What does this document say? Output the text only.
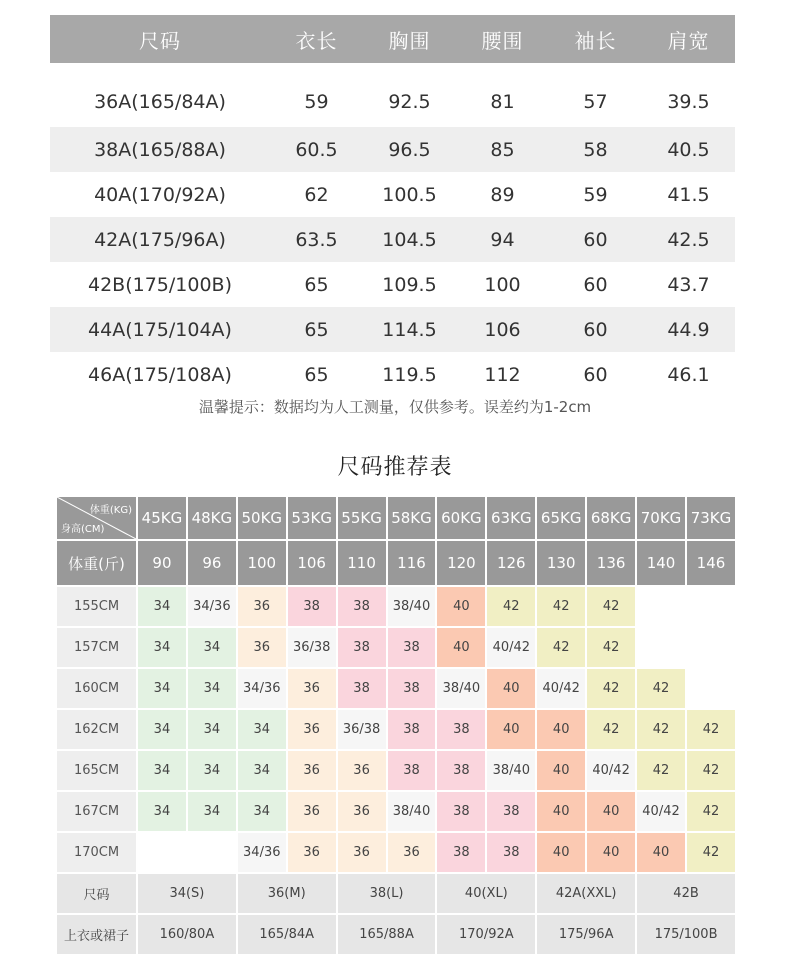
尺码	衣长	胸围	腰围	袖长	肩宽
36A(165/84A)	59	92.5	81	57	39.5
38A(165/88A)	60.5	96.5	85	58	40.5
40A(170/92A)	62	100.5	89	59	41.5
42A(175/96A)	63.5	104.5	94	60	42.5
42B(175/100B)	65	109.5	100	60	43.7
44A(175/104A)	65	114.5	106	60	44.9
46A(175/108A)	65	119.5	112	60	46.1
温馨提示：数据均为人工测量，仅供参考。误差约为1-2cm
尺码推荐表
体重(KG)
身高(CM)	45KG	48KG	50KG	53KG	55KG	58KG	60KG	63KG	65KG	68KG	70KG	73KG
体重(斤)	90	96	100	106	110	116	120	126	130	136	140	146
155CM	34	34/36	36	38	38	38/40	40	42	42	42		
157CM	34	34	36	36/38	38	38	40	40/42	42	42		
160CM	34	34	34/36	36	38	38	38/40	40	40/42	42	42	
162CM	34	34	34	36	36/38	38	38	40	40	42	42	42
165CM	34	34	34	36	36	38	38	38/40	40	40/42	42	42
167CM	34	34	34	36	36	38/40	38	38	40	40	40/42	42
170CM			34/36	36	36	36	38	38	40	40	40	42
尺码	34(S)		36(M)		38(L)		40(XL)		42A(XXL)		42B	
上衣或裙子	160/80A		165/84A		165/88A		170/92A		175/96A		175/100B	
